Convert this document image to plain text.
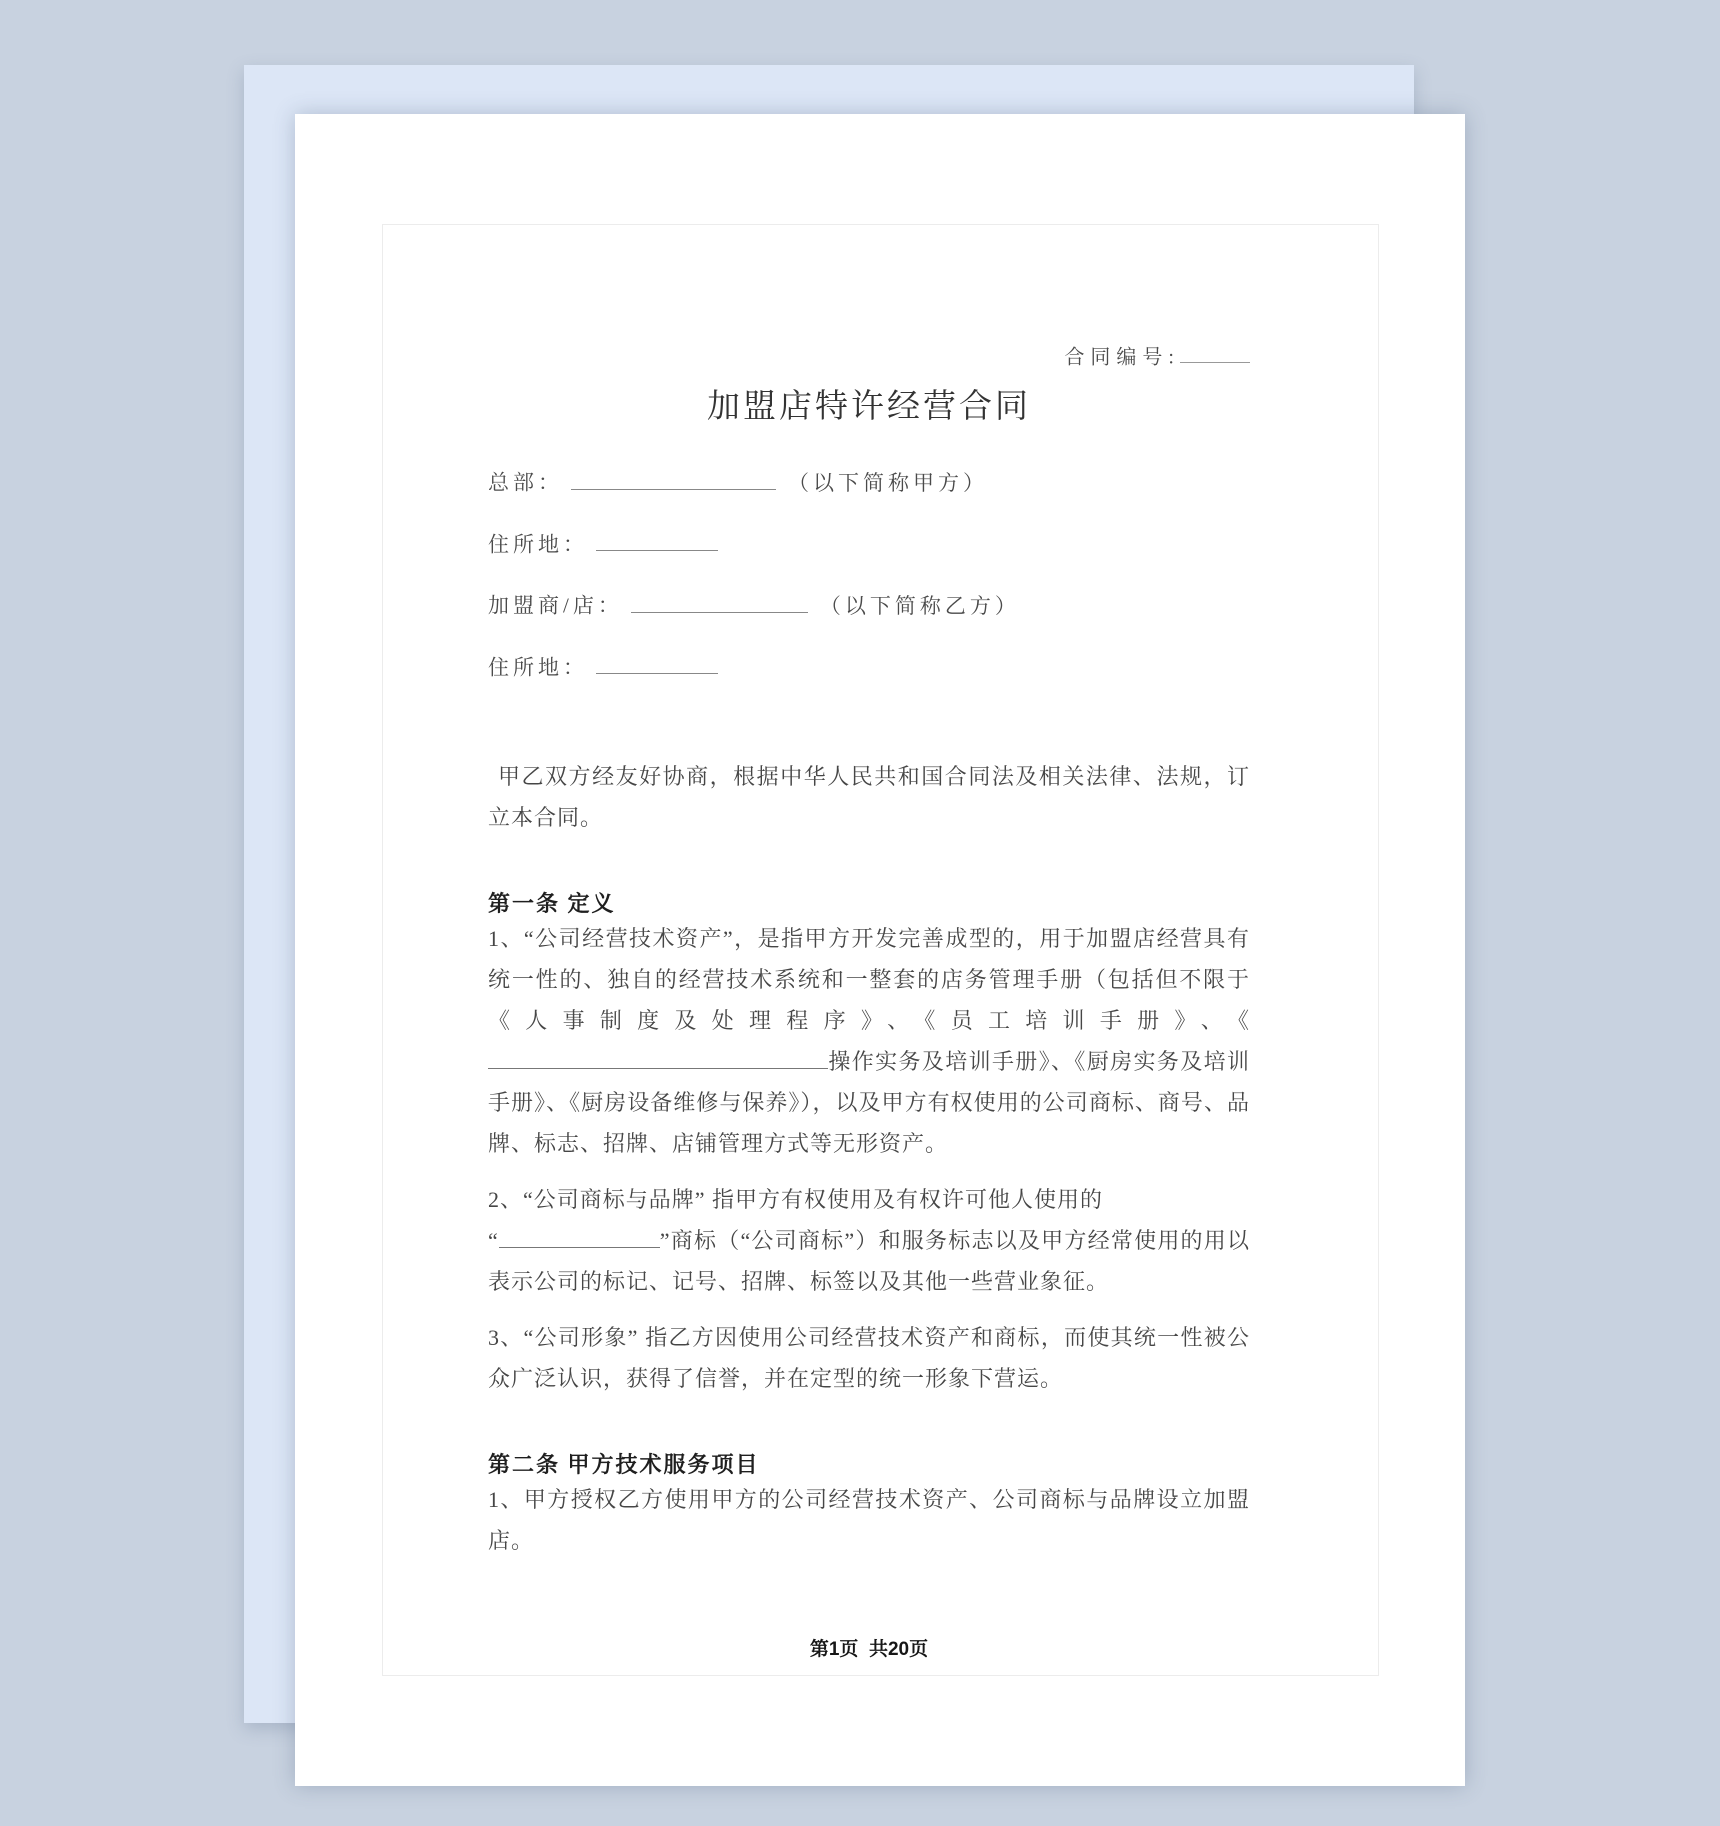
合同编号:
加盟店特许经营合同
总部：	（以下简称甲方）
住所地：
加盟商/店：	（以下简称乙方）
住所地：
甲乙双方经友好协商，根据中华人民共和国合同法及相关法律、法规，订立本合同。
第一条 定义
1、“公司经营技术资产”，是指甲方开发完善成型的，用于加盟店经营具有统一性的、独自的经营技术系统和一整套的店务管理手册（包括但不限于《人事制度及处理程序》、《员工培训手册》、《操作实务及培训手册》、《厨房实务及培训手册》、《厨房设备维修与保养》），以及甲方有权使用的公司商标、商号、品牌、标志、招牌、店铺管理方式等无形资产。
2、“公司商标与品牌” 指甲方有权使用及有权许可他人使用的
“	”商标（“公司商标”）和服务标志以及甲方经常使用的用以表示公司的标记、记号、招牌、标签以及其他一些营业象征。
3、“公司形象” 指乙方因使用公司经营技术资产和商标，而使其统一性被公众广泛认识，获得了信誉，并在定型的统一形象下营运。
第二条 甲方技术服务项目
1、甲方授权乙方使用甲方的公司经营技术资产、公司商标与品牌设立加盟店。
第1页  共20页
